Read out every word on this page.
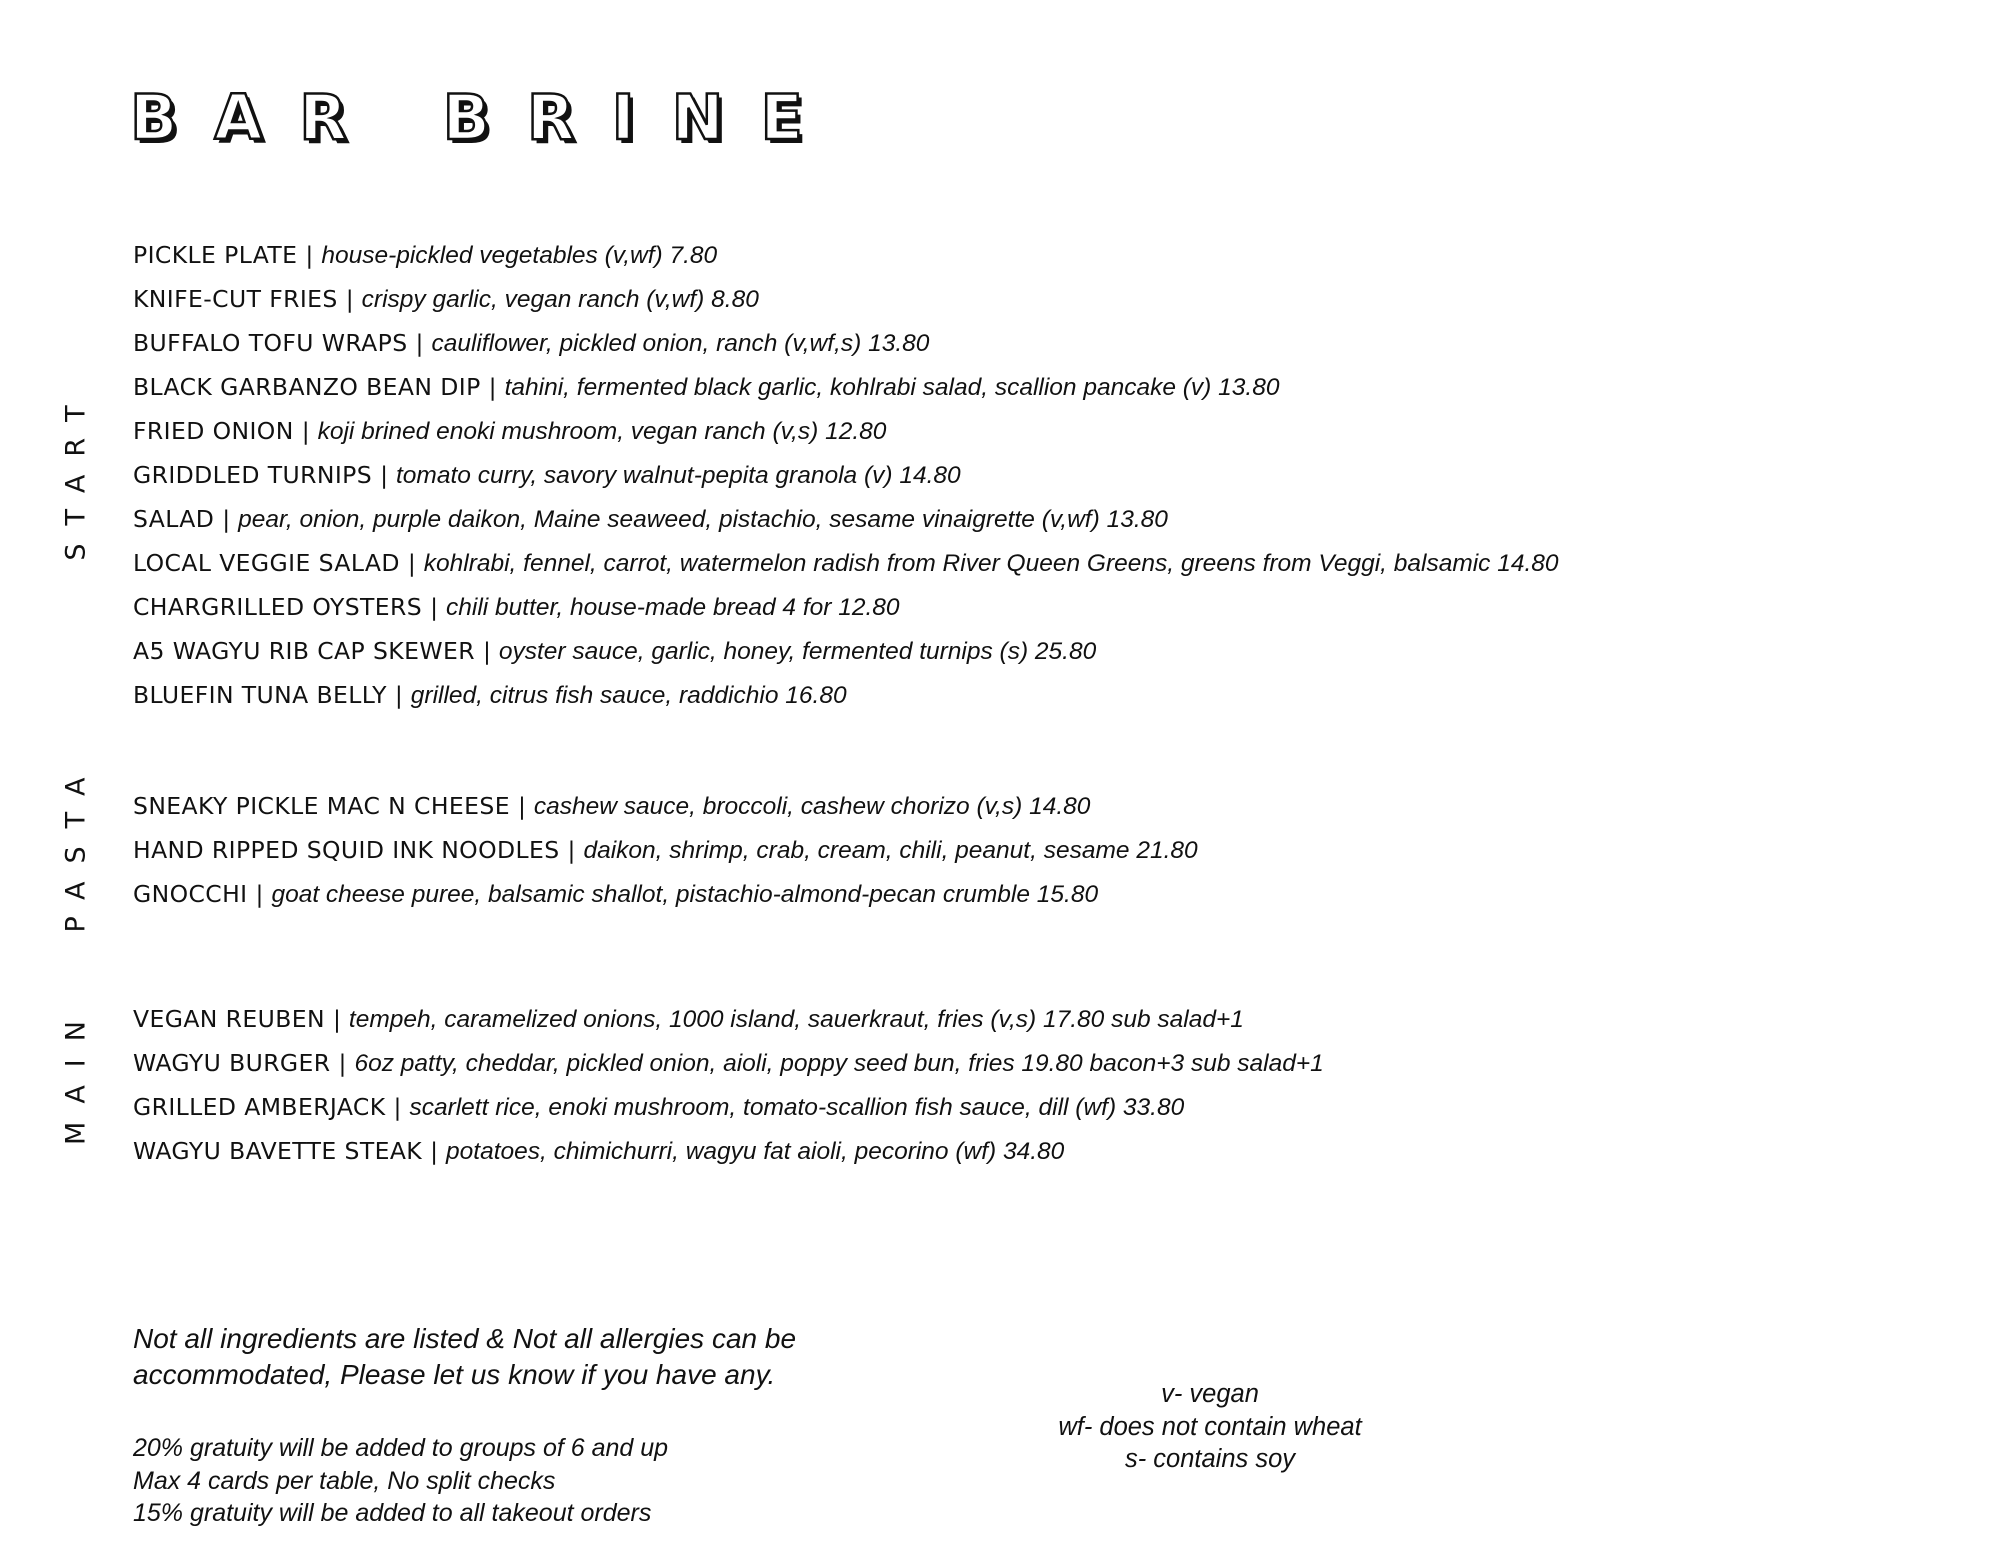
BAR BRINE
START
PASTA
MAIN
PICKLE PLATE | house-pickled vegetables (v,wf) 7.80
KNIFE-CUT FRIES | crispy garlic, vegan ranch (v,wf) 8.80
BUFFALO TOFU WRAPS | cauliflower, pickled onion, ranch (v,wf,s) 13.80
BLACK GARBANZO BEAN DIP | tahini, fermented black garlic, kohlrabi salad, scallion pancake (v) 13.80
FRIED ONION | koji brined enoki mushroom, vegan ranch (v,s) 12.80
GRIDDLED TURNIPS | tomato curry, savory walnut-pepita granola (v) 14.80
SALAD | pear, onion, purple daikon, Maine seaweed, pistachio, sesame vinaigrette (v,wf) 13.80
LOCAL VEGGIE SALAD | kohlrabi, fennel, carrot, watermelon radish from River Queen Greens, greens from Veggi, balsamic 14.80
CHARGRILLED OYSTERS | chili butter, house-made bread 4 for 12.80
A5 WAGYU RIB CAP SKEWER | oyster sauce, garlic, honey, fermented turnips (s) 25.80
BLUEFIN TUNA BELLY | grilled, citrus fish sauce, raddichio 16.80
SNEAKY PICKLE MAC N CHEESE | cashew sauce, broccoli, cashew chorizo (v,s) 14.80
HAND RIPPED SQUID INK NOODLES | daikon, shrimp, crab, cream, chili, peanut, sesame 21.80
GNOCCHI | goat cheese puree, balsamic shallot, pistachio-almond-pecan crumble 15.80
VEGAN REUBEN | tempeh, caramelized onions, 1000 island, sauerkraut, fries (v,s) 17.80 sub salad+1
WAGYU BURGER | 6oz patty, cheddar, pickled onion, aioli, poppy seed bun, fries 19.80 bacon+3 sub salad+1
GRILLED AMBERJACK | scarlett rice, enoki mushroom, tomato-scallion fish sauce, dill (wf) 33.80
WAGYU BAVETTE STEAK | potatoes, chimichurri, wagyu fat aioli, pecorino (wf) 34.80

Not all ingredients are listed & Not all allergies can be accommodated, Please let us know if you have any.

20% gratuity will be added to groups of 6 and up
Max 4 cards per table, No split checks
15% gratuity will be added to all takeout orders
v- vegan
wf- does not contain wheat
s- contains soy
